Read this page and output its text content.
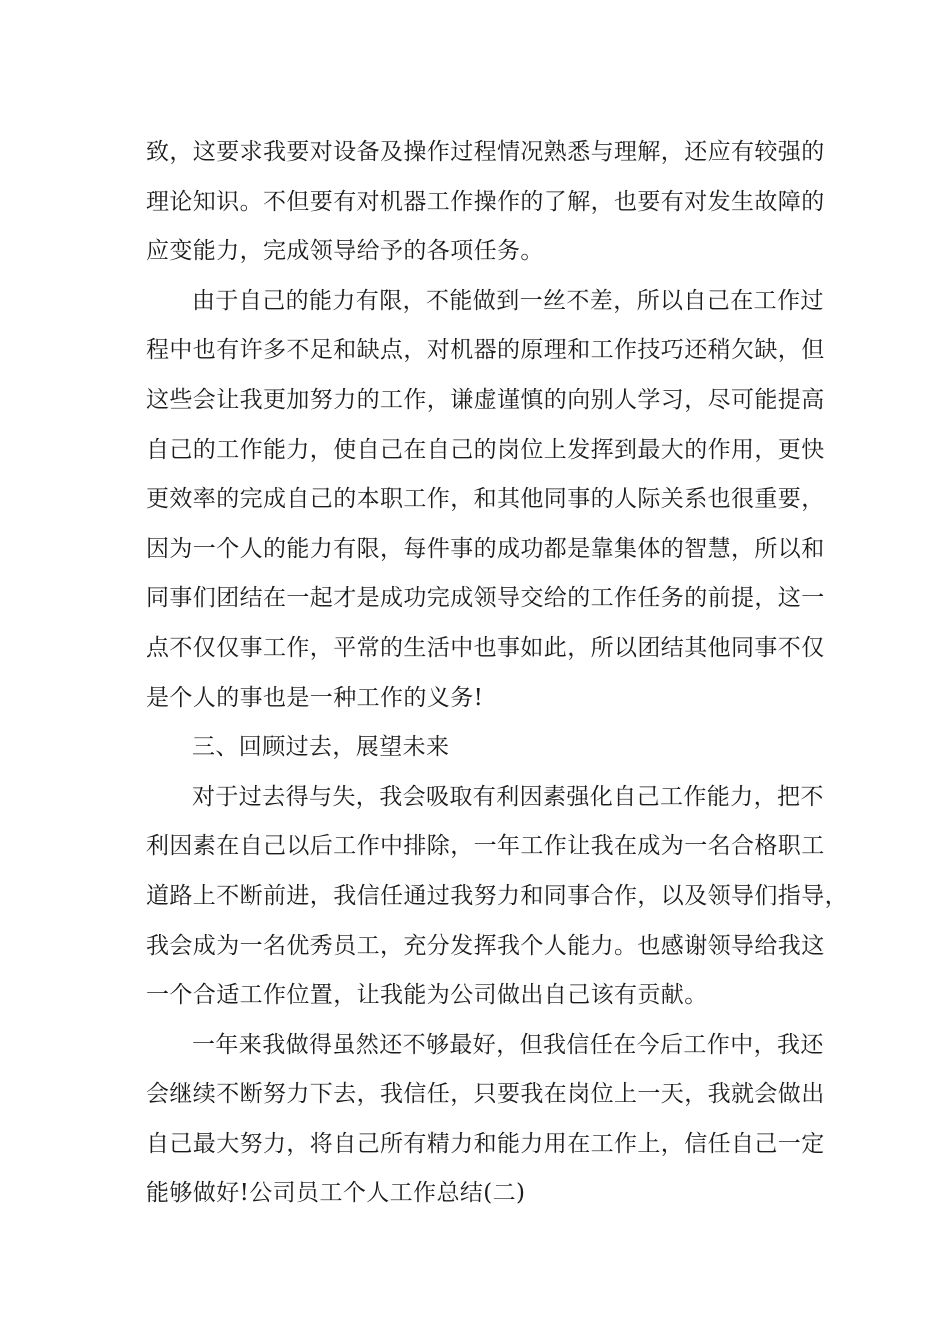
致，这要求我要对设备及操作过程情况熟悉与理解，还应有较强的
理论知识。不但要有对机器工作操作的了解，也要有对发生故障的
应变能力，完成领导给予的各项任务。
由于自己的能力有限，不能做到一丝不差，所以自己在工作过
程中也有许多不足和缺点，对机器的原理和工作技巧还稍欠缺，但
这些会让我更加努力的工作，谦虚谨慎的向别人学习，尽可能提高
自己的工作能力，使自己在自己的岗位上发挥到最大的作用，更快
更效率的完成自己的本职工作，和其他同事的人际关系也很重要，
因为一个人的能力有限，每件事的成功都是靠集体的智慧，所以和
同事们团结在一起才是成功完成领导交给的工作任务的前提，这一
点不仅仅事工作，平常的生活中也事如此，所以团结其他同事不仅
是个人的事也是一种工作的义务!
三、回顾过去，展望未来
对于过去得与失，我会吸取有利因素强化自己工作能力，把不
利因素在自己以后工作中排除，一年工作让我在成为一名合格职工
道路上不断前进，我信任通过我努力和同事合作，以及领导们指导，
我会成为一名优秀员工，充分发挥我个人能力。也感谢领导给我这
一个合适工作位置，让我能为公司做出自己该有贡献。
一年来我做得虽然还不够最好，但我信任在今后工作中，我还
会继续不断努力下去，我信任，只要我在岗位上一天，我就会做出
自己最大努力，将自己所有精力和能力用在工作上，信任自己一定
能够做好!公司员工个人工作总结(二)
